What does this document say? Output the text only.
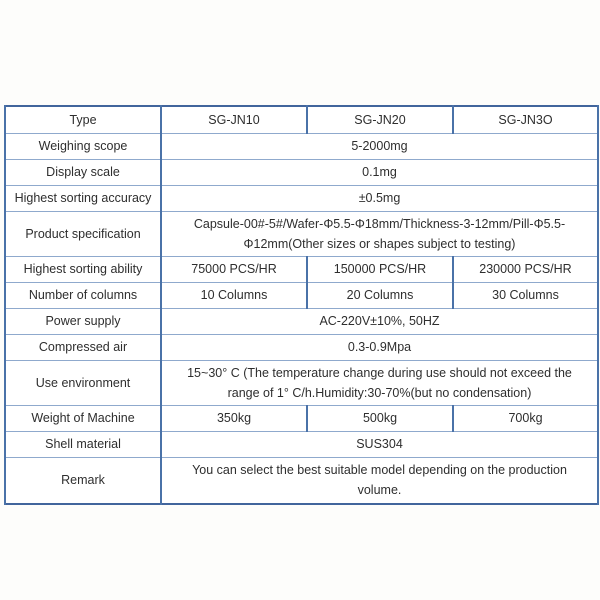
Type	SG-JN10	SG-JN20	SG-JN3O
Weighing scope	5-2000mg		
Display scale	0.1mg		
Highest sorting accuracy	±0.5mg		
Product specification	Capsule-00#-5#/Wafer-Φ5.5-Φ18mm/Thickness-3-12mm/Pill-Φ5.5-Φ12mm(Other sizes or shapes subject to testing)		
Highest sorting ability	75000 PCS/HR	150000 PCS/HR	230000 PCS/HR
Number of columns	10 Columns	20 Columns	30 Columns
Power supply	AC-220V±10%, 50HZ		
Compressed air	0.3-0.9Mpa		
Use environment	15~30° C (The temperature change during use should not exceed the range of 1° C/h.Humidity:30-70%(but no condensation)		
Weight of Machine	350kg	500kg	700kg
Shell material	SUS304		
Remark	You can select the best suitable model depending on the production volume.		
